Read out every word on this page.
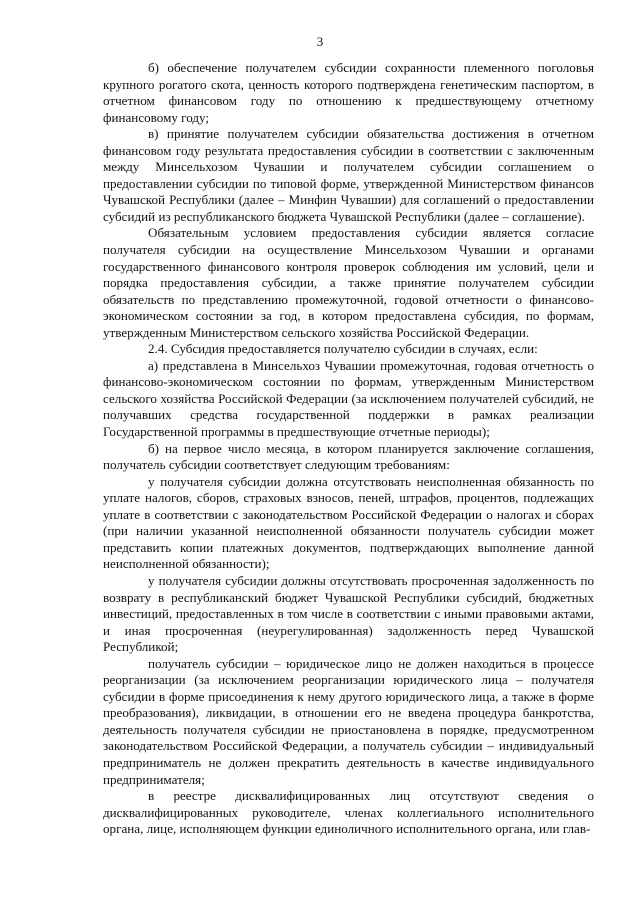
3

б) обеспечение получателем субсидии сохранности племенного поголовья крупного рогатого скота, ценность которого подтверждена генетическим паспортом, в отчетном финансовом году по отношению к предшествующему отчетному финансовому году;

в) принятие получателем субсидии обязательства достижения в отчетном финансовом году результата предоставления субсидии в соответствии с заключенным между Минсельхозом Чувашии и получателем субсидии соглашением о предоставлении субсидии по типовой форме, утвержденной Министерством финансов Чувашской Республики (далее – Минфин Чувашии) для соглашений о предоставлении субсидий из республиканского бюджета Чувашской Республики (далее – соглашение).

Обязательным условием предоставления субсидии является согласие получателя субсидии на осуществление Минсельхозом Чувашии и органами государственного финансового контроля проверок соблюдения им условий, цели и порядка предоставления субсидии, а также принятие получателем субсидии обязательств по представлению промежуточной, годовой отчетности о финансово-экономическом состоянии за год, в котором предоставлена субсидия, по формам, утвержденным Министерством сельского хозяйства Российской Федерации.

2.4. Субсидия предоставляется получателю субсидии в случаях, если:

а) представлена в Минсельхоз Чувашии промежуточная, годовая отчетность о финансово-экономическом состоянии по формам, утвержденным Министерством сельского хозяйства Российской Федерации (за исключением получателей субсидий, не получавших средства государственной поддержки в рамках реализации Государственной программы в предшествующие отчетные периоды);

б) на первое число месяца, в котором планируется заключение соглашения, получатель субсидии соответствует следующим требованиям:

у получателя субсидии должна отсутствовать неисполненная обязанность по уплате налогов, сборов, страховых взносов, пеней, штрафов, процентов, подлежащих уплате в соответствии с законодательством Российской Федерации о налогах и сборах (при наличии указанной неисполненной обязанности получатель субсидии может представить копии платежных документов, подтверждающих выполнение данной неисполненной обязанности);

у получателя субсидии должны отсутствовать просроченная задолженность по возврату в республиканский бюджет Чувашской Республики субсидий, бюджетных инвестиций, предоставленных в том числе в соответствии с иными правовыми актами, и иная просроченная (неурегулированная) задолженность перед Чувашской Республикой;

получатель субсидии – юридическое лицо не должен находиться в процессе реорганизации (за исключением реорганизации юридического лица – получателя субсидии в форме присоединения к нему другого юридического лица, а также в форме преобразования), ликвидации, в отношении его не введена процедура банкротства, деятельность получателя субсидии не приостановлена в порядке, предусмотренном законодательством Российской Федерации, а получатель субсидии – индивидуальный предприниматель не должен прекратить деятельность в качестве индивидуального предпринимателя;

в реестре дисквалифицированных лиц отсутствуют сведения о дисквалифицированных руководителе, членах коллегиального исполнительного органа, лице, исполняющем функции единоличного исполнительного органа, или глав-
